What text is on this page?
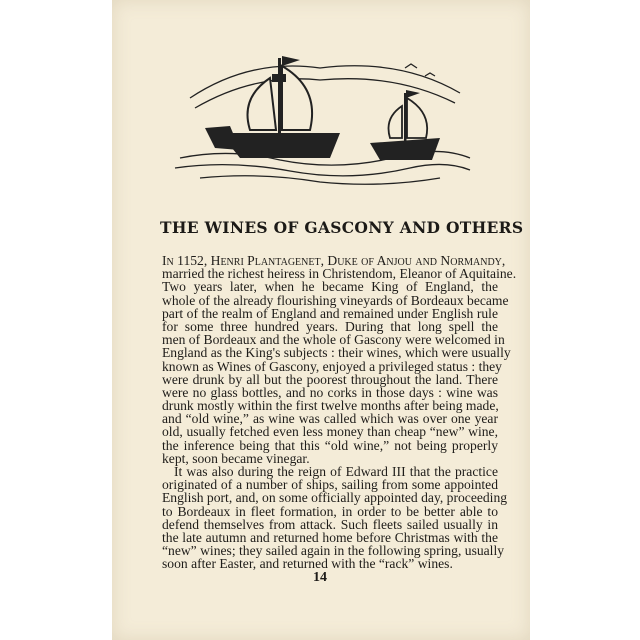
THE WINES OF GASCONY AND OTHERS
In 1152, Henri Plantagenet, Duke of Anjou and Normandy,
married the richest heiress in Christendom, Eleanor of Aquitaine.
Two years later, when he became King of England, the
whole of the already flourishing vineyards of Bordeaux became
part of the realm of England and remained under English rule
for some three hundred years. During that long spell the
men of Bordeaux and the whole of Gascony were welcomed in
England as the King's subjects : their wines, which were usually
known as Wines of Gascony, enjoyed a privileged status : they
were drunk by all but the poorest throughout the land. There
were no glass bottles, and no corks in those days : wine was
drunk mostly within the first twelve months after being made,
and “old wine,” as wine was called which was over one year
old, usually fetched even less money than cheap “new” wine,
the inference being that this “old wine,” not being properly
kept, soon became vinegar.
It was also during the reign of Edward III that the practice
originated of a number of ships, sailing from some appointed
English port, and, on some officially appointed day, proceeding
to Bordeaux in fleet formation, in order to be better able to
defend themselves from attack. Such fleets sailed usually in
the late autumn and returned home before Christmas with the
“new” wines; they sailed again in the following spring, usually
soon after Easter, and returned with the “rack” wines.
14
